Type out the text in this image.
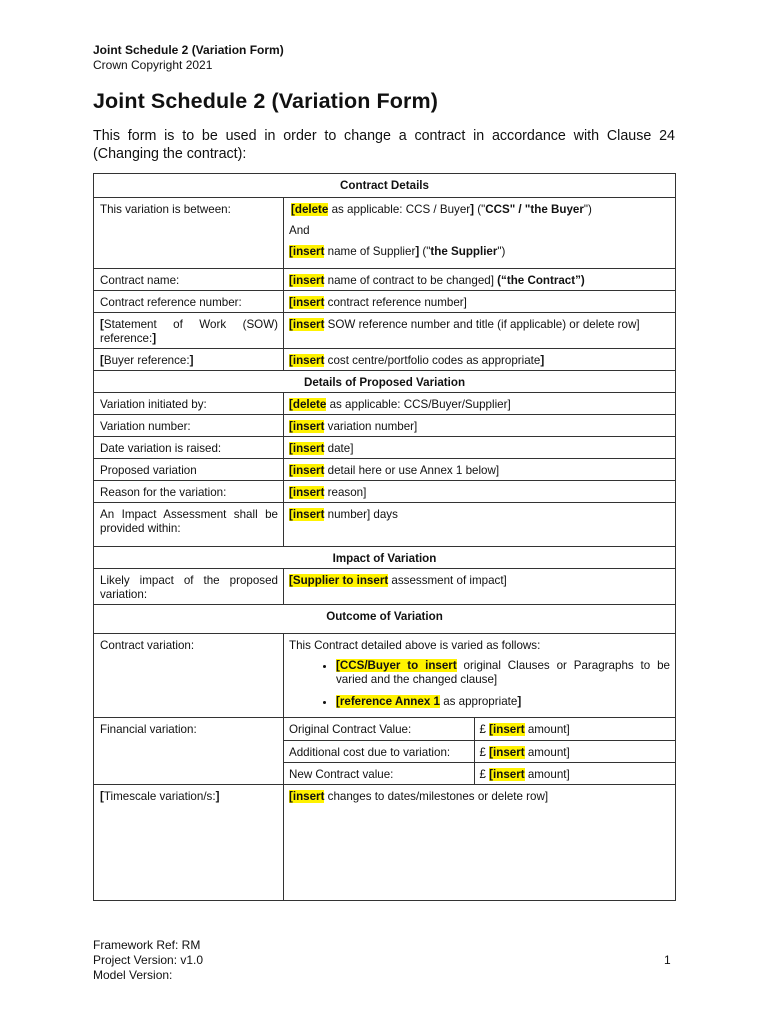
Joint Schedule 2 (Variation Form)
Crown Copyright 2021
Joint Schedule 2 (Variation Form)
This form is to be used in order to change a contract in accordance with Clause 24 (Changing the contract):
Contract Details
This variation is between:	[delete as applicable: CCS / Buyer] ("CCS" / "the Buyer")
And
[insert name of Supplier] ("the Supplier")

Contract name:	[insert name of contract to be changed] (“the Contract”)
Contract reference number:	[insert contract reference number]
[Statement of Work (SOW) reference:]	[insert SOW reference number and title (if applicable) or delete row]
[Buyer reference:]	[insert cost centre/portfolio codes as appropriate]
Details of Proposed Variation
Variation initiated by:	[delete as applicable: CCS/Buyer/Supplier]
Variation number:	[insert variation number]
Date variation is raised:	[insert date]
Proposed variation	[insert detail here or use Annex 1 below]
Reason for the variation:	[insert reason]
An Impact Assessment shall be provided within:	[insert number] days
Impact of Variation
Likely impact of the proposed variation:	[Supplier to insert assessment of impact]
Outcome of Variation
Contract variation:	This Contract detailed above is varied as follows:
• [CCS/Buyer to insert original Clauses or Paragraphs to be varied and the changed clause]
• [reference Annex 1 as appropriate]

Financial variation:		Original Contract Value:	£ [insert amount]
Additional cost due to variation:	£ [insert amount]
New Contract value:	£ [insert amount]

[Timescale variation/s:]	[insert changes to dates/milestones or delete row]
Framework Ref: RM
Project Version: v1.0
Model Version:
1
